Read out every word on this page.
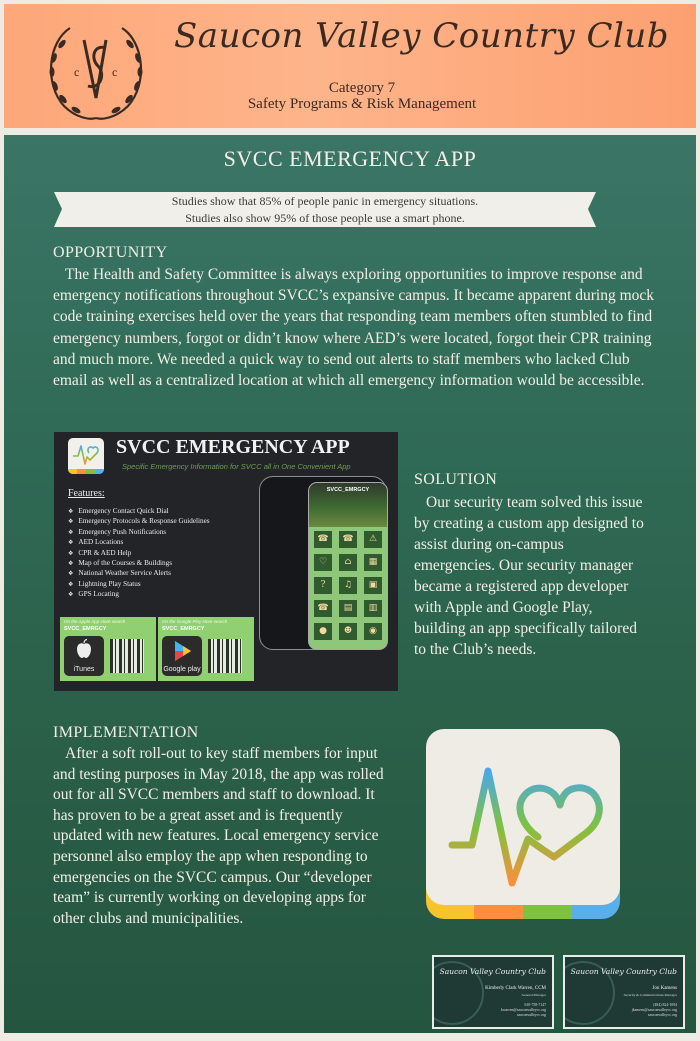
c	c
Saucon Valley Country Club
Category 7
Safety Programs & Risk Management
SVCC EMERGENCY APP
Studies show that 85% of people panic in emergency situations.
Studies also show 95% of those people use a smart phone.
OPPORTUNITY
The Health and Safety Committee is always exploring opportunities to improve response and emergency notifications throughout SVCC’s expansive campus. It became apparent during mock code training exercises held over the years that responding team members often stumbled to find emergency numbers, forgot or didn’t know where AED’s were located, forgot their CPR training and much more. We needed a quick way to send out alerts to staff members who lacked Club email as well as a centralized location at which all emergency information would be accessible.
SVCC EMERGENCY APP
Specific Emergency Information for SVCC all in One Convenient App
Features:
❖ Emergency Contact Quick Dial
❖ Emergency Protocols & Response Guidelines
❖ Emergency Push Notifications
❖ AED Locations
❖ CPR & AED Help
❖ Map of the Courses & Buildings
❖ National Weather Service Alerts
❖ Lightning Play Status
❖ GPS Locating
On the Apple App store search
SVCC_EMRGCY
iTunes
On the Google Play store search
SVCC_EMRGCY
Google play
SVCC_EMRGCY
☎	☎	⚠
♡	⌂	▦
?	♫	▣
☎	▤	▥
●	☻	◉
SOLUTION
Our security team solved this issue by creating a custom app designed to assist during on-campus emergencies. Our security manager became a registered app developer with Apple and Google Play, building an app specifically tailored to the Club’s needs.
IMPLEMENTATION
After a soft roll-out to key staff members for input and testing purposes in May 2018, the app was rolled out for all SVCC members and staff to download. It has proven to be a great asset and is frequently updated with new features. Local emergency service personnel also employ the app when responding to emergencies on the SVCC campus. Our “developer team” is currently working on developing apps for other clubs and municipalities.
Saucon Valley Country Club
Kimberly Clark Warren, CCM
General Manager
610-758-7147
kwarren@sauconvalleycc.org
sauconvalleycc.org
Saucon Valley Country Club
Jon Kamens
Security & Communications Manager
(484) 824-1094
jkamens@sauconvalleycc.org
sauconvalleycc.org
